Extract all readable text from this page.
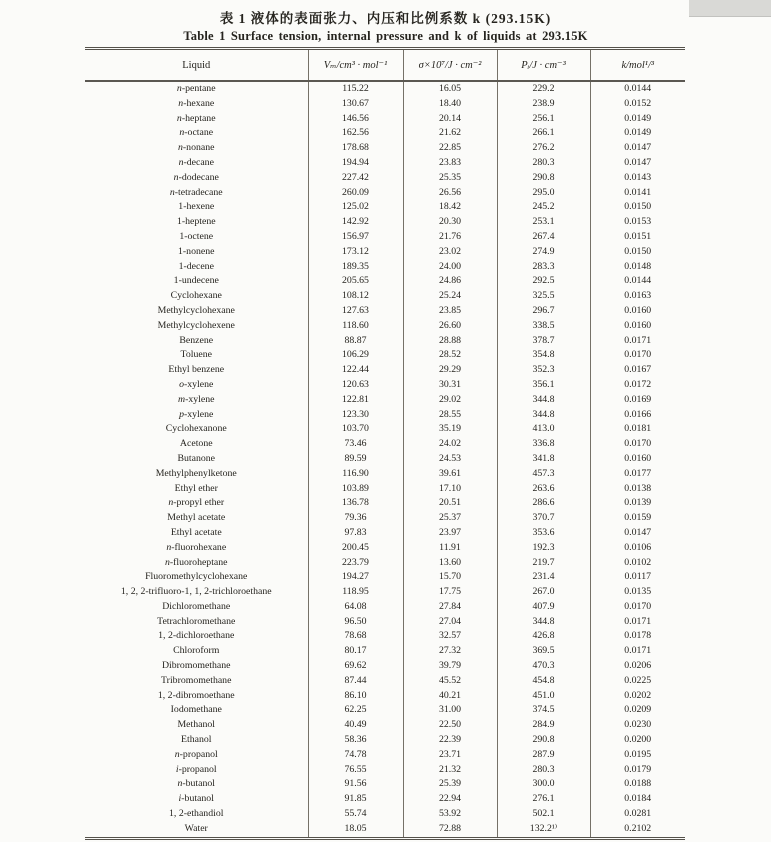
表 1 液体的表面张力、内压和比例系数 k (293.15K)
Table 1 Surface tension, internal pressure and k of liquids at 293.15K
Liquid	Vₘ/cm³ · mol⁻¹	σ×10⁷/J · cm⁻²	Pᵢ/J · cm⁻³	k/mol¹/³
n-pentane	115.22	16.05	229.2	0.0144
n-hexane	130.67	18.40	238.9	0.0152
n-heptane	146.56	20.14	256.1	0.0149
n-octane	162.56	21.62	266.1	0.0149
n-nonane	178.68	22.85	276.2	0.0147
n-decane	194.94	23.83	280.3	0.0147
n-dodecane	227.42	25.35	290.8	0.0143
n-tetradecane	260.09	26.56	295.0	0.0141
1-hexene	125.02	18.42	245.2	0.0150
1-heptene	142.92	20.30	253.1	0.0153
1-octene	156.97	21.76	267.4	0.0151
1-nonene	173.12	23.02	274.9	0.0150
1-decene	189.35	24.00	283.3	0.0148
1-undecene	205.65	24.86	292.5	0.0144
Cyclohexane	108.12	25.24	325.5	0.0163
Methylcyclohexane	127.63	23.85	296.7	0.0160
Methylcyclohexene	118.60	26.60	338.5	0.0160
Benzene	88.87	28.88	378.7	0.0171
Toluene	106.29	28.52	354.8	0.0170
Ethyl benzene	122.44	29.29	352.3	0.0167
o-xylene	120.63	30.31	356.1	0.0172
m-xylene	122.81	29.02	344.8	0.0169
p-xylene	123.30	28.55	344.8	0.0166
Cyclohexanone	103.70	35.19	413.0	0.0181
Acetone	73.46	24.02	336.8	0.0170
Butanone	89.59	24.53	341.8	0.0160
Methylphenylketone	116.90	39.61	457.3	0.0177
Ethyl ether	103.89	17.10	263.6	0.0138
n-propyl ether	136.78	20.51	286.6	0.0139
Methyl acetate	79.36	25.37	370.7	0.0159
Ethyl acetate	97.83	23.97	353.6	0.0147
n-fluorohexane	200.45	11.91	192.3	0.0106
n-fluoroheptane	223.79	13.60	219.7	0.0102
Fluoromethylcyclohexane	194.27	15.70	231.4	0.0117
1, 2, 2-trifluoro-1, 1, 2-trichloroethane	118.95	17.75	267.0	0.0135
Dichloromethane	64.08	27.84	407.9	0.0170
Tetrachloromethane	96.50	27.04	344.8	0.0171
1, 2-dichloroethane	78.68	32.57	426.8	0.0178
Chloroform	80.17	27.32	369.5	0.0171
Dibromomethane	69.62	39.79	470.3	0.0206
Tribromomethane	87.44	45.52	454.8	0.0225
1, 2-dibromoethane	86.10	40.21	451.0	0.0202
Iodomethane	62.25	31.00	374.5	0.0209
Methanol	40.49	22.50	284.9	0.0230
Ethanol	58.36	22.39	290.8	0.0200
n-propanol	74.78	23.71	287.9	0.0195
i-propanol	76.55	21.32	280.3	0.0179
n-butanol	91.56	25.39	300.0	0.0188
i-butanol	91.85	22.94	276.1	0.0184
1, 2-ethandiol	55.74	53.92	502.1	0.0281
Water	18.05	72.88	132.2¹⁾	0.2102
